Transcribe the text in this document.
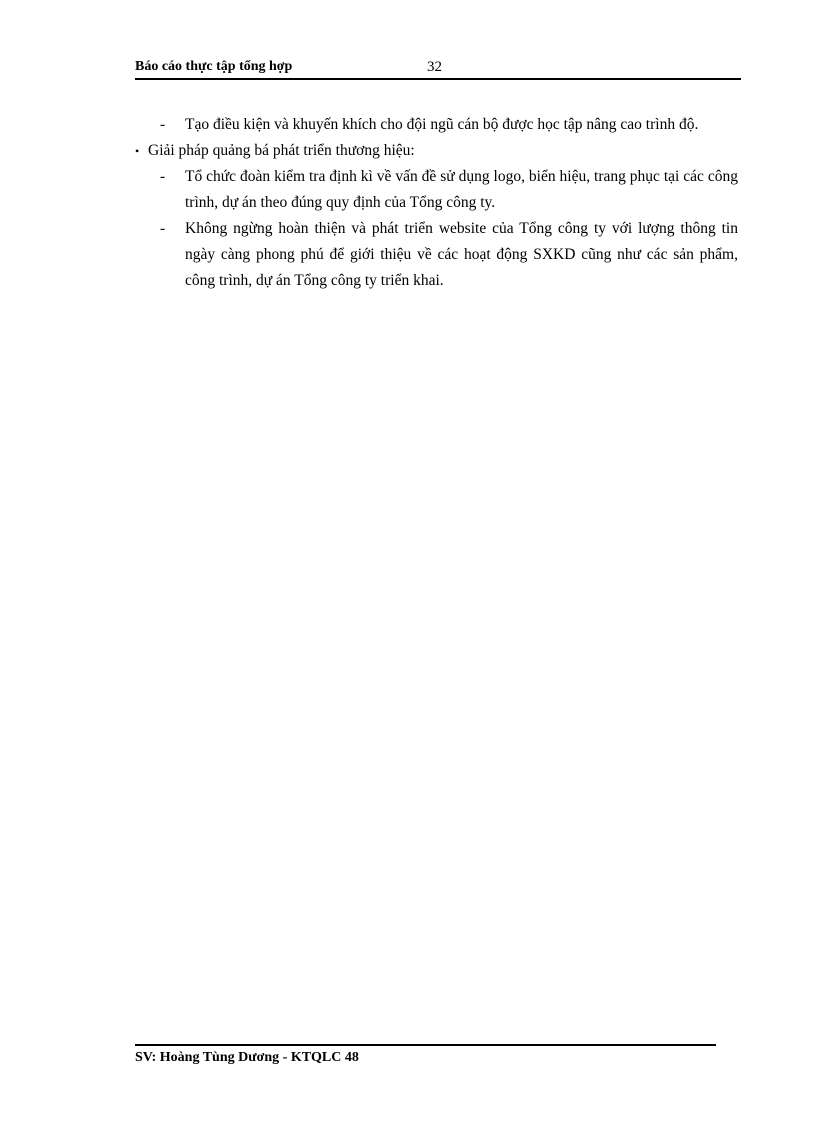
Báo cáo thực tập tổng hợp	32
- Tạo điều kiện và khuyến khích cho đội ngũ cán bộ được học tập nâng cao trình độ.
• Giải pháp quảng bá phát triển thương hiệu:
- Tổ chức đoàn kiểm tra định kì về vấn đề sử dụng logo, biển hiệu, trang phục tại các công trình, dự án theo đúng quy định của Tổng công ty.
- Không ngừng hoàn thiện và phát triển website của Tổng công ty với lượng thông tin ngày càng phong phú để giới thiệu về các hoạt động SXKD cũng như các sản phẩm, công trình, dự án Tổng công ty triển khai.
SV: Hoàng Tùng Dương - KTQLC 48
